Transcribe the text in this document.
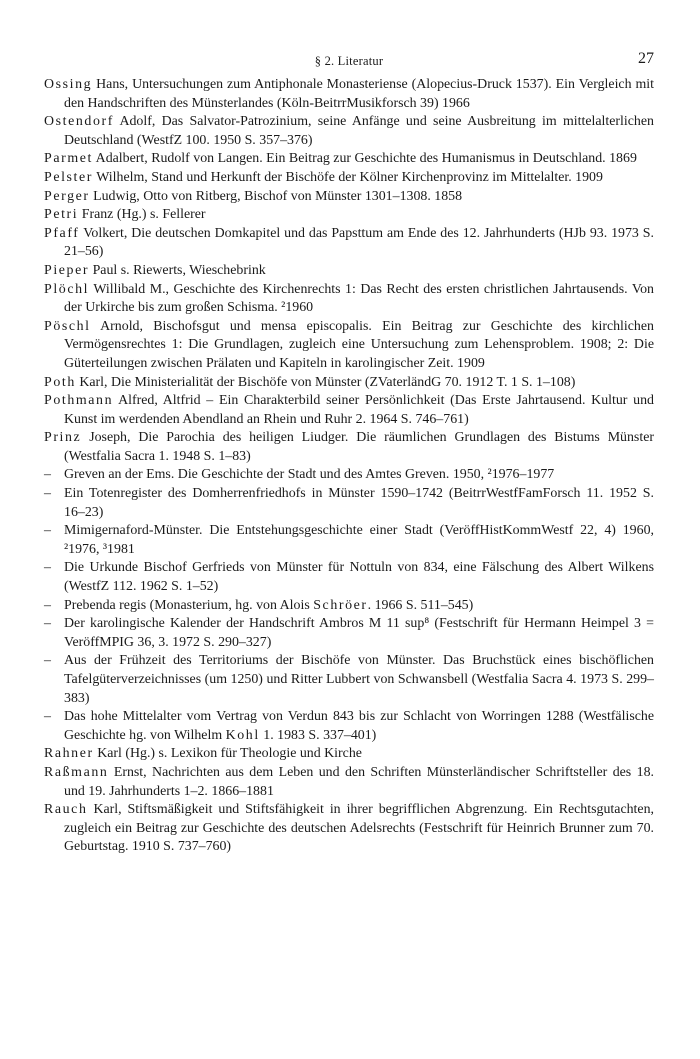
§ 2. Literatur	27

Ossing Hans, Untersuchungen zum Antiphonale Monasteriense (Alopecius-Druck 1537). Ein Vergleich mit den Handschriften des Münsterlandes (Köln-BeitrrMusikforsch 39) 1966

Ostendorf Adolf, Das Salvator-Patrozinium, seine Anfänge und seine Ausbreitung im mittelalterlichen Deutschland (WestfZ 100. 1950 S. 357–376)

Parmet Adalbert, Rudolf von Langen. Ein Beitrag zur Geschichte des Humanismus in Deutschland. 1869

Pelster Wilhelm, Stand und Herkunft der Bischöfe der Kölner Kirchenprovinz im Mittelalter. 1909

Perger Ludwig, Otto von Ritberg, Bischof von Münster 1301–1308. 1858

Petri Franz (Hg.) s. Fellerer

Pfaff Volkert, Die deutschen Domkapitel und das Papsttum am Ende des 12. Jahrhunderts (HJb 93. 1973 S. 21–56)

Pieper Paul s. Riewerts, Wieschebrink

Plöchl Willibald M., Geschichte des Kirchenrechts 1: Das Recht des ersten christlichen Jahrtausends. Von der Urkirche bis zum großen Schisma. ²1960

Pöschl Arnold, Bischofsgut und mensa episcopalis. Ein Beitrag zur Geschichte des kirchlichen Vermögensrechtes 1: Die Grundlagen, zugleich eine Untersuchung zum Lehensproblem. 1908; 2: Die Güterteilungen zwischen Prälaten und Kapiteln in karolingischer Zeit. 1909

Poth Karl, Die Ministerialität der Bischöfe von Münster (ZVaterländG 70. 1912 T. 1 S. 1–108)

Pothmann Alfred, Altfrid – Ein Charakterbild seiner Persönlichkeit (Das Erste Jahrtausend. Kultur und Kunst im werdenden Abendland an Rhein und Ruhr 2. 1964 S. 746–761)

Prinz Joseph, Die Parochia des heiligen Liudger. Die räumlichen Grundlagen des Bistums Münster (Westfalia Sacra 1. 1948 S. 1–83)

– Greven an der Ems. Die Geschichte der Stadt und des Amtes Greven. 1950, ²1976–1977

– Ein Totenregister des Domherrenfriedhofs in Münster 1590–1742 (BeitrrWestfFamForsch 11. 1952 S. 16–23)

– Mimigernaford-Münster. Die Entstehungsgeschichte einer Stadt (VeröffHistKommWestf 22, 4) 1960, ²1976, ³1981

– Die Urkunde Bischof Gerfrieds von Münster für Nottuln von 834, eine Fälschung des Albert Wilkens (WestfZ 112. 1962 S. 1–52)

– Prebenda regis (Monasterium, hg. von Alois Schröer. 1966 S. 511–545)

– Der karolingische Kalender der Handschrift Ambros M 11 sup⁸ (Festschrift für Hermann Heimpel 3 = VeröffMPIG 36, 3. 1972 S. 290–327)

– Aus der Frühzeit des Territoriums der Bischöfe von Münster. Das Bruchstück eines bischöflichen Tafelgüterverzeichnisses (um 1250) und Ritter Lubbert von Schwansbell (Westfalia Sacra 4. 1973 S. 299–383)

– Das hohe Mittelalter vom Vertrag von Verdun 843 bis zur Schlacht von Worringen 1288 (Westfälische Geschichte hg. von Wilhelm Kohl 1. 1983 S. 337–401)

Rahner Karl (Hg.) s. Lexikon für Theologie und Kirche

Raßmann Ernst, Nachrichten aus dem Leben und den Schriften Münsterländischer Schriftsteller des 18. und 19. Jahrhunderts 1–2. 1866–1881

Rauch Karl, Stiftsmäßigkeit und Stiftsfähigkeit in ihrer begrifflichen Abgrenzung. Ein Rechtsgutachten, zugleich ein Beitrag zur Geschichte des deutschen Adelsrechts (Festschrift für Heinrich Brunner zum 70. Geburtstag. 1910 S. 737–760)
